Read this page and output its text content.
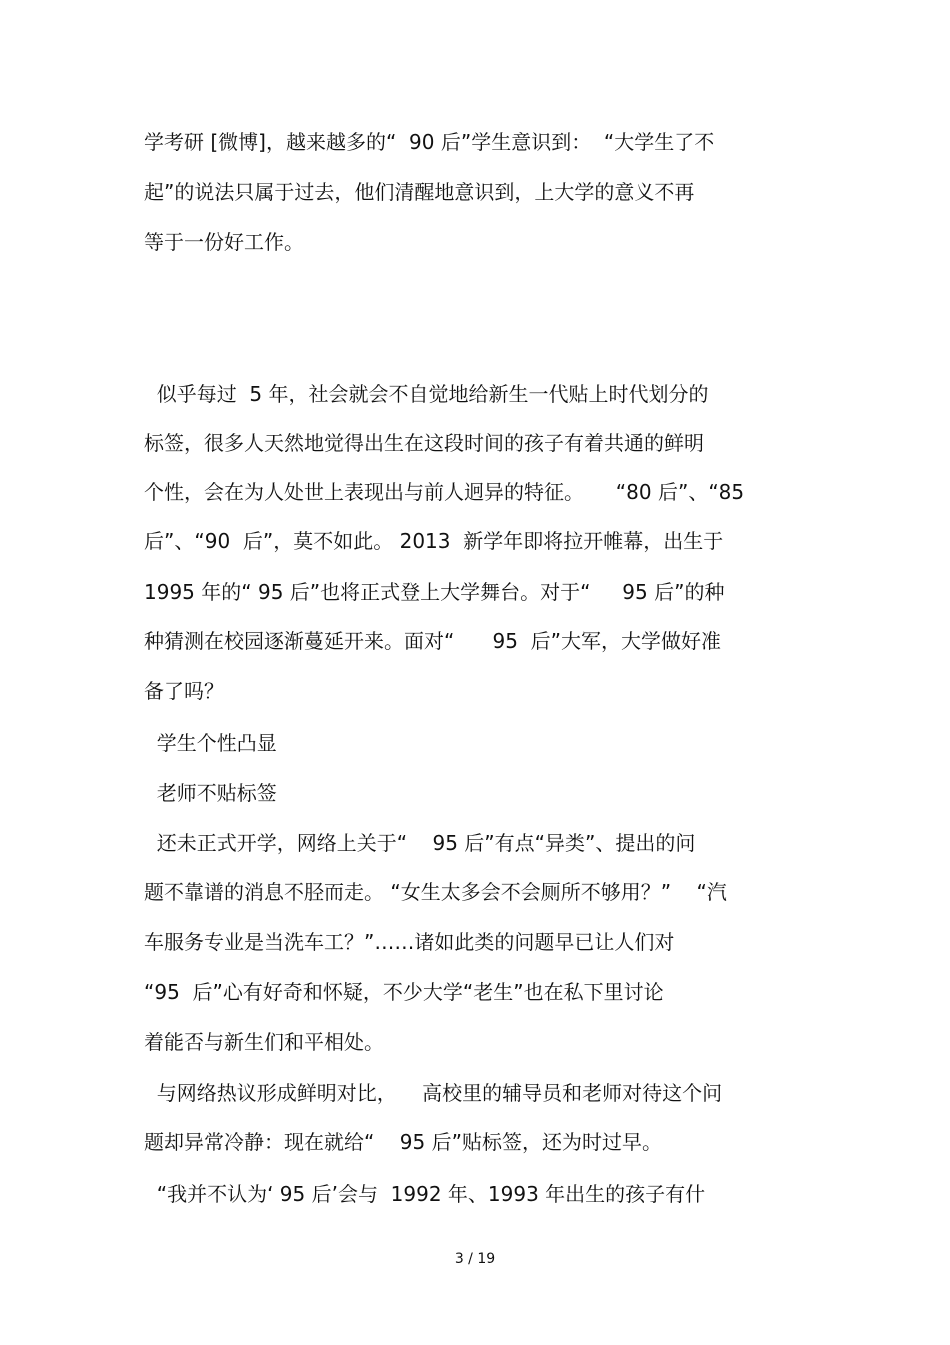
学考研 [微博]，越来越多的“  90 后”学生意识到：  “大学生了不

起”的说法只属于过去，他们清醒地意识到，上大学的意义不再

等于一份好工作。

似乎每过  5 年，社会就会不自觉地给新生一代贴上时代划分的

标签，很多人天然地觉得出生在这段时间的孩子有着共通的鲜明

个性，会在为人处世上表现出与前人迥异的特征。     “80 后”、“85

后”、“90  后”，莫不如此。 2013  新学年即将拉开帷幕，出生于

1995 年的“ 95 后”也将正式登上大学舞台。对于“     95 后”的种

种猜测在校园逐渐蔓延开来。面对“      95  后”大军，大学做好准

备了吗？

学生个性凸显

老师不贴标签

还未正式开学，网络上关于“    95 后”有点“异类”、提出的问

题不靠谱的消息不胫而走。 “女生太多会不会厕所不够用？”    “汽

车服务专业是当洗车工？”……诸如此类的问题早已让人们对

“95  后”心有好奇和怀疑，不少大学“老生”也在私下里讨论

着能否与新生们和平相处。

与网络热议形成鲜明对比，    高校里的辅导员和老师对待这个问

题却异常冷静：现在就给“    95 后”贴标签，还为时过早。

“我并不认为‘ 95 后’会与  1992 年、1993 年出生的孩子有什

3 / 19
